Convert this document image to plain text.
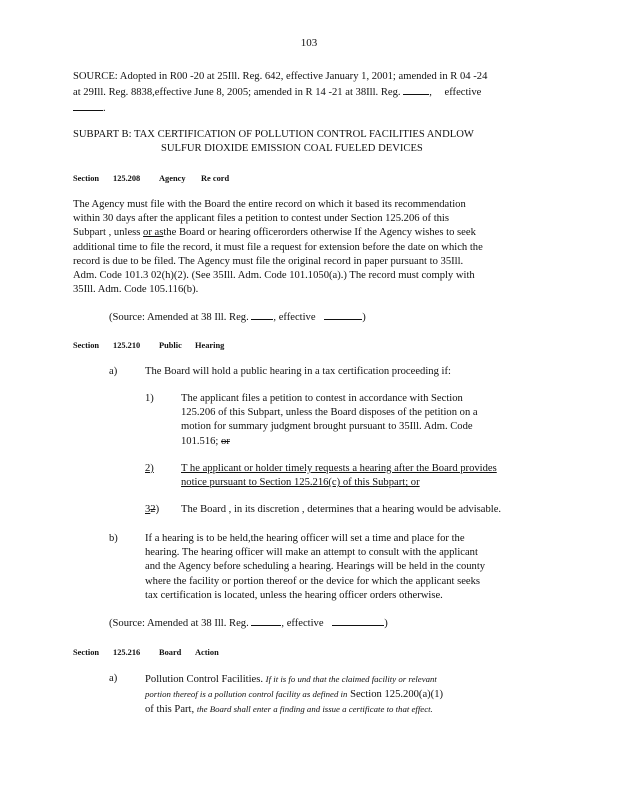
103
SOURCE: Adopted in R00 -20 at 25Ill. Reg. 642, effective January 1, 2001; amended in R 04 -24
at 29Ill. Reg. 8838,effective June 8, 2005; amended in R 14 -21 at 38Ill. Reg.	, effective
.
SUBPART B: TAX CERTIFICATION OF POLLUTION CONTROL FACILITIES ANDLOW
SULFUR DIOXIDE EMISSION COAL FUELED DEVICES
Section 125.208 Agency Re cord
The Agency must file with the Board the entire record on which it based its recommendation
within 30 days after the applicant files a petition to contest under Section 125.206 of this
Subpart , unless or asthe Board or hearing officerorders otherwise If the Agency wishes to seek
additional time to file the record, it must file a request for extension before the date on which the
record is due to be filed. The Agency must file the original record in paper pursuant to 35Ill.
Adm. Code 101.3 02(h)(2). (See 35Ill. Adm. Code 101.1050(a).) The record must comply with
35Ill. Adm. Code 105.116(b).
(Source: Amended at 38 Ill. Reg. , effective	)
Section 125.210 Public Hearing
a)	The Board will hold a public hearing in a tax certification proceeding if:
1)	The applicant files a petition to contest in accordance with Section
125.206 of this Subpart, unless the Board disposes of the petition on a
motion for summary judgment brought pursuant to 35Ill. Adm. Code
101.516; or
2)	T he applicant or holder timely requests a hearing after the Board provides
notice pursuant to Section 125.216(c) of this Subpart; or
32) The Board , in its discretion , determines that a hearing would be advisable.
b)	If a hearing is to be held,the hearing officer will set a time and place for the
hearing. The hearing officer will make an attempt to consult with the applicant
and the Agency before scheduling a hearing. Hearings will be held in the county
where the facility or portion thereof or the device for which the applicant seeks
tax certification is located, unless the hearing officer orders otherwise.
(Source: Amended at 38 Ill. Reg.	, effective	)
Section 125.216 Board Action
a)	Pollution Control Facilities. If it is fo und that the claimed facility or relevant
portion thereof is a pollution control facility as defined in Section 125.200(a)(1)
of this Part, the Board shall enter a finding and issue a certificate to that effect.
